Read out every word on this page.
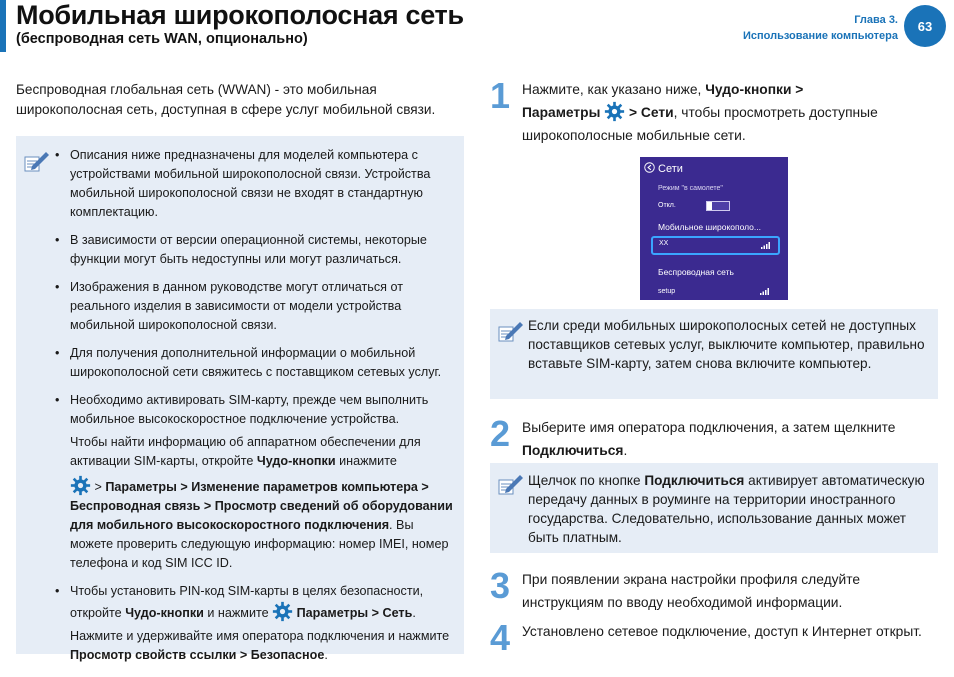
Мобильная широкополосная сеть
(беспроводная сеть WAN, опционально)
Глава 3.
Использование компьютера
63
Беспроводная глобальная сеть (WWAN) - это мобильная
широкополосная сеть, доступная в сфере услуг мобильной связи.

• Описания ниже предназначены для моделей компьютера с устройствами мобильной широкополосной связи. Устройства мобильной широкополосной связи не входят в стандартную комплектацию.

• В зависимости от версии операционной системы, некоторые функции могут быть недоступны или могут различаться.

• Изображения в данном руководстве могут отличаться от реального изделия в зависимости от модели устройства мобильной широкополосной связи.

• Для получения дополнительной информации о мобильной широкополосной сети свяжитесь с поставщиком сетевых услуг.

• Необходимо активировать SIM-карту, прежде чем выполнить мобильное высокоскоростное подключение устройства.

Чтобы найти информацию об аппаратном обеспечении для активации SIM-карты, откройте Чудо-кнопки инажмите

> Параметры > Изменение параметров компьютера > Беспроводная связь > Просмотр сведений об оборудовании для мобильного высокоскоростного подключения. Вы можете проверить следующую информацию: номер IMEI, номер телефона и код SIM ICC ID.

• Чтобы установить PIN-код SIM-карты в целях безопасности, откройте Чудо-кнопки и нажмите  Параметры > Сеть.

Нажмите и удерживайте имя оператора подключения и нажмите Просмотр свойств ссылки > Безопасное.

1 Нажмите, как указано ниже, Чудо-кнопки >
Параметры  > Сети, чтобы просмотреть доступные
широкополосные мобильные сети.
Сети
Режим "в самолете"
Откл.
Мобильное широкополо...
XX
Беспроводная сеть
setup
Если среди мобильных широкополосных сетей не доступных поставщиков сетевых услуг, выключите компьютер, правильно вставьте SIM-карту, затем снова включите компьютер.
2 Выберите имя оператора подключения, а затем щелкните
Подключиться.
Щелчок по кнопке Подключиться активирует автоматическую передачу данных в роуминге на территории иностранного государства. Следовательно, использование данных может быть платным.
3 При появлении экрана настройки профиля следуйте инструкциям по вводу необходимой информации.
4 Установлено сетевое подключение, доступ к Интернет открыт.
